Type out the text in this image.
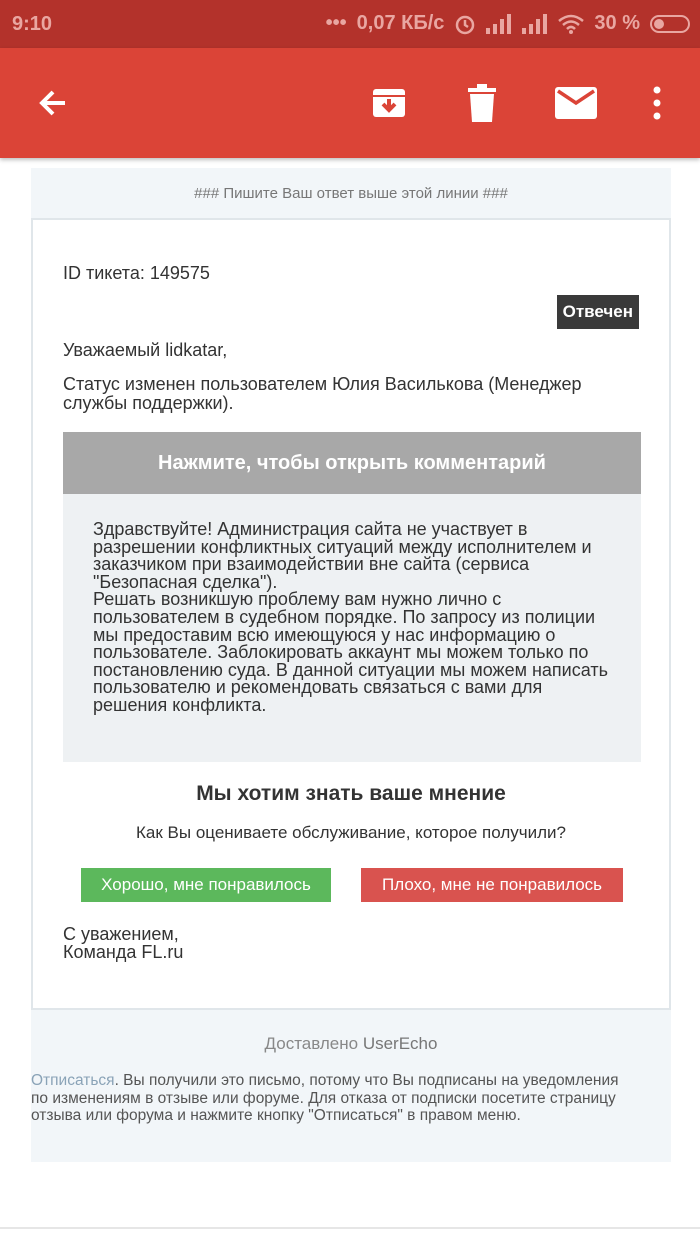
9:10	••• 0,07 КБ/с	30 %
### Пишите Ваш ответ выше этой линии ###
ID тикета: 149575
Отвечен
Уважаемый lidkatar,
Статус изменен пользователем Юлия Василькова (Менеджер службы поддержки).
Нажмите, чтобы открыть комментарий
Здравствуйте! Администрация сайта не участвует в разрешении конфликтных ситуаций между исполнителем и заказчиком при взаимодействии вне сайта (сервиса "Безопасная сделка").
Решать возникшую проблему вам нужно лично с пользователем в судебном порядке. По запросу из полиции мы предоставим всю имеющуюся у нас информацию о пользователе. Заблокировать аккаунт мы можем только по постановлению суда. В данной ситуации мы можем написать пользователю и рекомендовать связаться с вами для решения конфликта.
Мы хотим знать ваше мнение
Как Вы оцениваете обслуживание, которое получили?
Хорошо, мне понравилось	Плохо, мне не понравилось
С уважением,
Команда FL.ru
Доставлено UserEcho
Отписаться. Вы получили это письмо, потому что Вы подписаны на уведомления по изменениям в отзыве или форуме. Для отказа от подписки посетите страницу отзыва или форума и нажмите кнопку "Отписаться" в правом меню.
